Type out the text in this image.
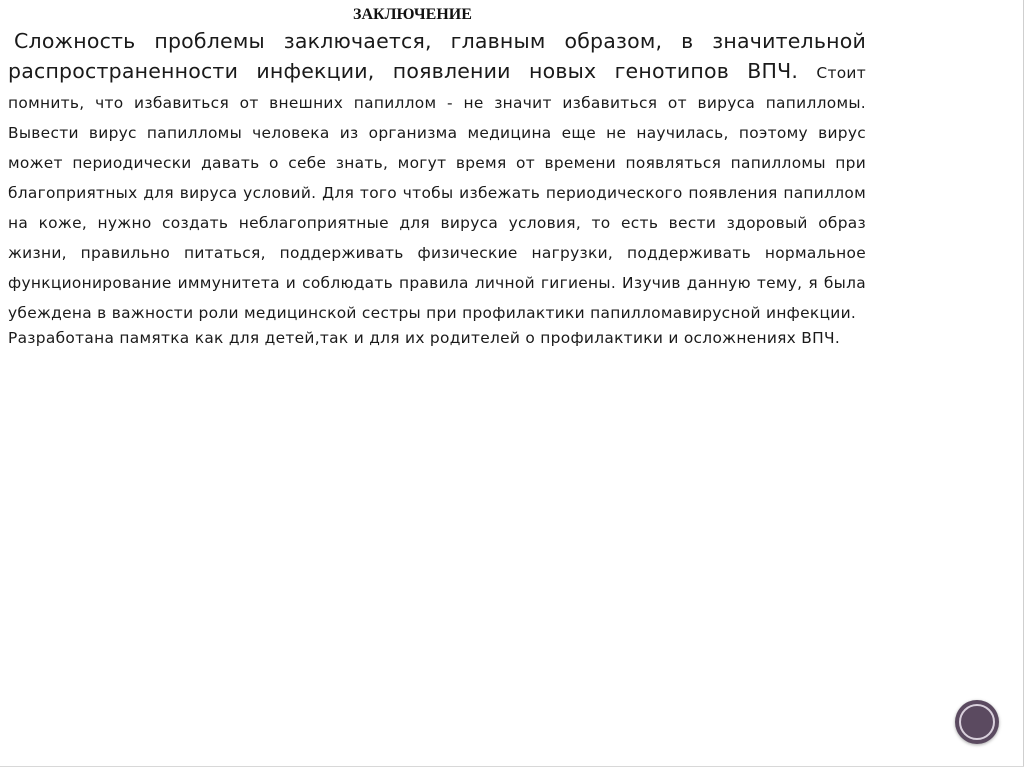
ЗАКЛЮЧЕНИЕ
Сложность проблемы заключается, главным образом, в значительной распространенности инфекции, появлении новых генотипов ВПЧ. Стоит помнить, что избавиться от внешних папиллом - не значит избавиться от вируса папилломы. Вывести вирус папилломы человека из организма медицина еще не научилась, поэтому вирус может периодически давать о себе знать, могут время от времени появляться папилломы при благоприятных для вируса условий. Для того чтобы избежать периодического появления папиллом на коже, нужно создать неблагоприятные для вируса условия, то есть вести здоровый образ жизни, правильно питаться, поддерживать физические нагрузки, поддерживать нормальное функционирование иммунитета и соблюдать правила личной гигиены. Изучив данную тему, я была убеждена в важности роли медицинской сестры при профилактики папилломавирусной инфекции.

Разработана памятка как для детей,так и для их родителей о профилактики и осложнениях ВПЧ.
